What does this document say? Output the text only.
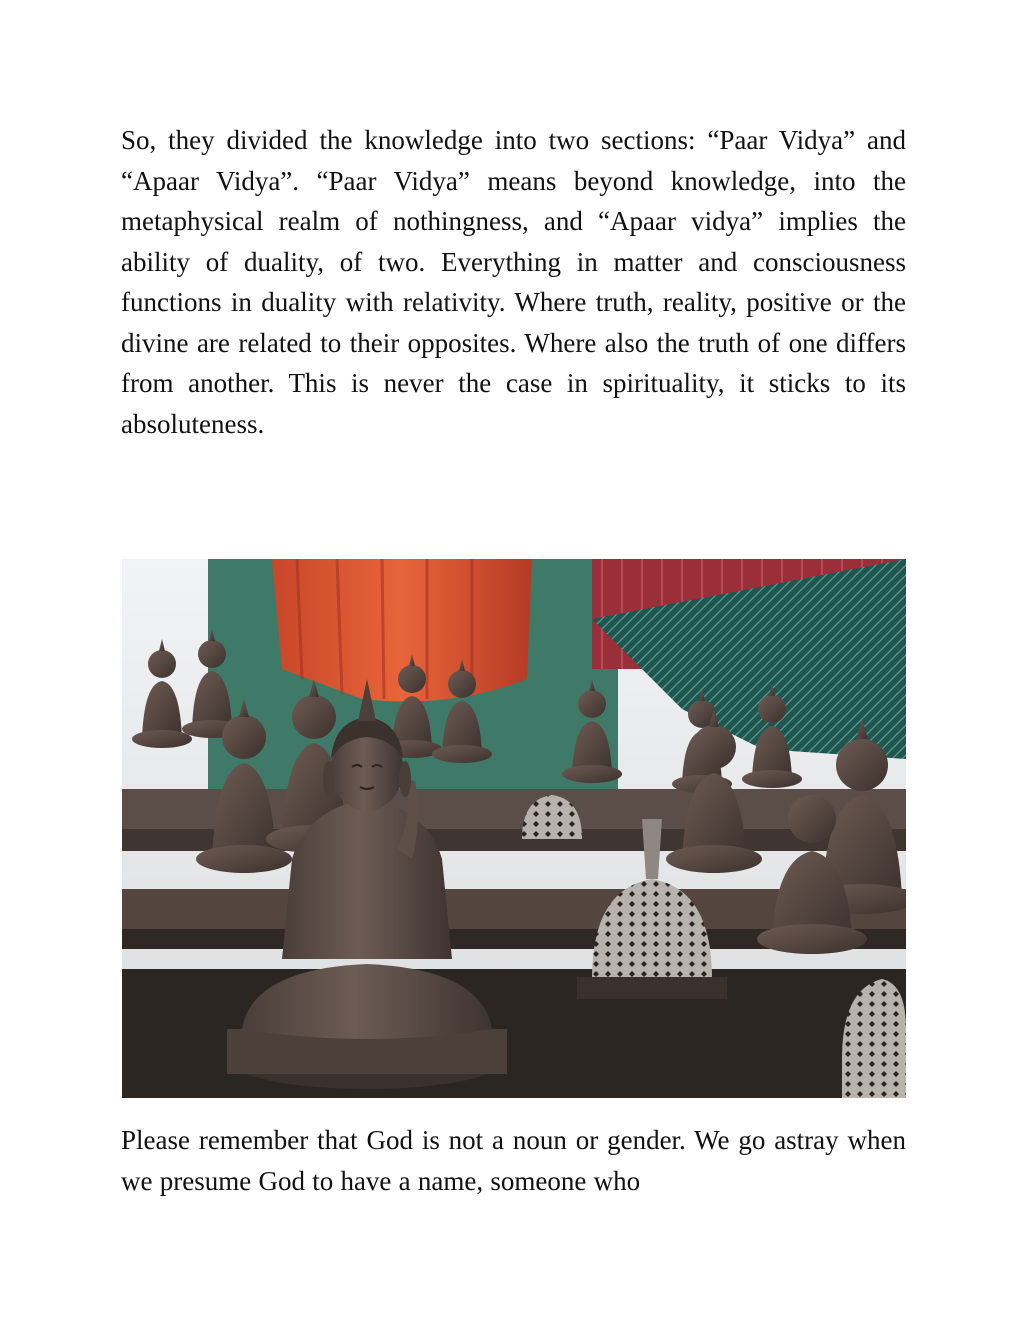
So, they divided the knowledge into two sections: “Paar Vidya” and “Apaar Vidya”. “Paar Vidya” means beyond knowledge, into the metaphysical realm of nothingness, and “Apaar vidya” implies the ability of duality, of two. Everything in matter and consciousness functions in duality with relativity. Where truth, reality, positive or the divine are related to their opposites. Where also the truth of one differs from another. This is never the case in spirituality, it sticks to its absoluteness.

Please remember that God is not a noun or gender. We go astray when we presume God to have a name, someone who
